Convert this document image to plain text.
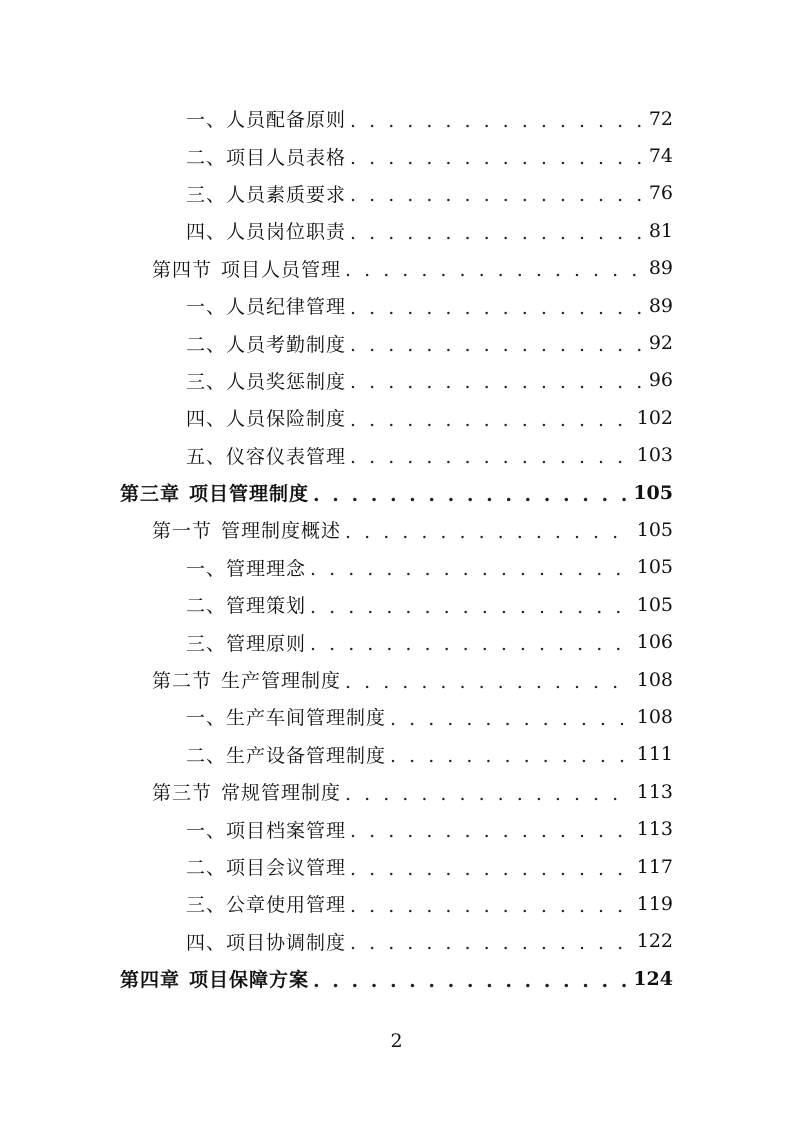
一、人员配备原则 . . .	72
二、项目人员表格 . . .	74
三、人员素质要求 . . .	76
四、人员岗位职责 . . .	81
第四节 项目人员管理 . . .	89
一、人员纪律管理 . . .	89
二、人员考勤制度 . . .	92
三、人员奖惩制度 . . .	96
四、人员保险制度 . . .	102
五、仪容仪表管理 . . .	103
第三章 项目管理制度 . . .	105
第一节 管理制度概述 . . .	105
一、管理理念 . . .	105
二、管理策划 . . .	105
三、管理原则 . . .	106
第二节 生产管理制度 . . .	108
一、生产车间管理制度 . . .	108
二、生产设备管理制度 . . .	111
第三节 常规管理制度 . . .	113
一、项目档案管理 . . .	113
二、项目会议管理 . . .	117
三、公章使用管理 . . .	119
四、项目协调制度 . . .	122
第四章 项目保障方案 . . .	124
2
